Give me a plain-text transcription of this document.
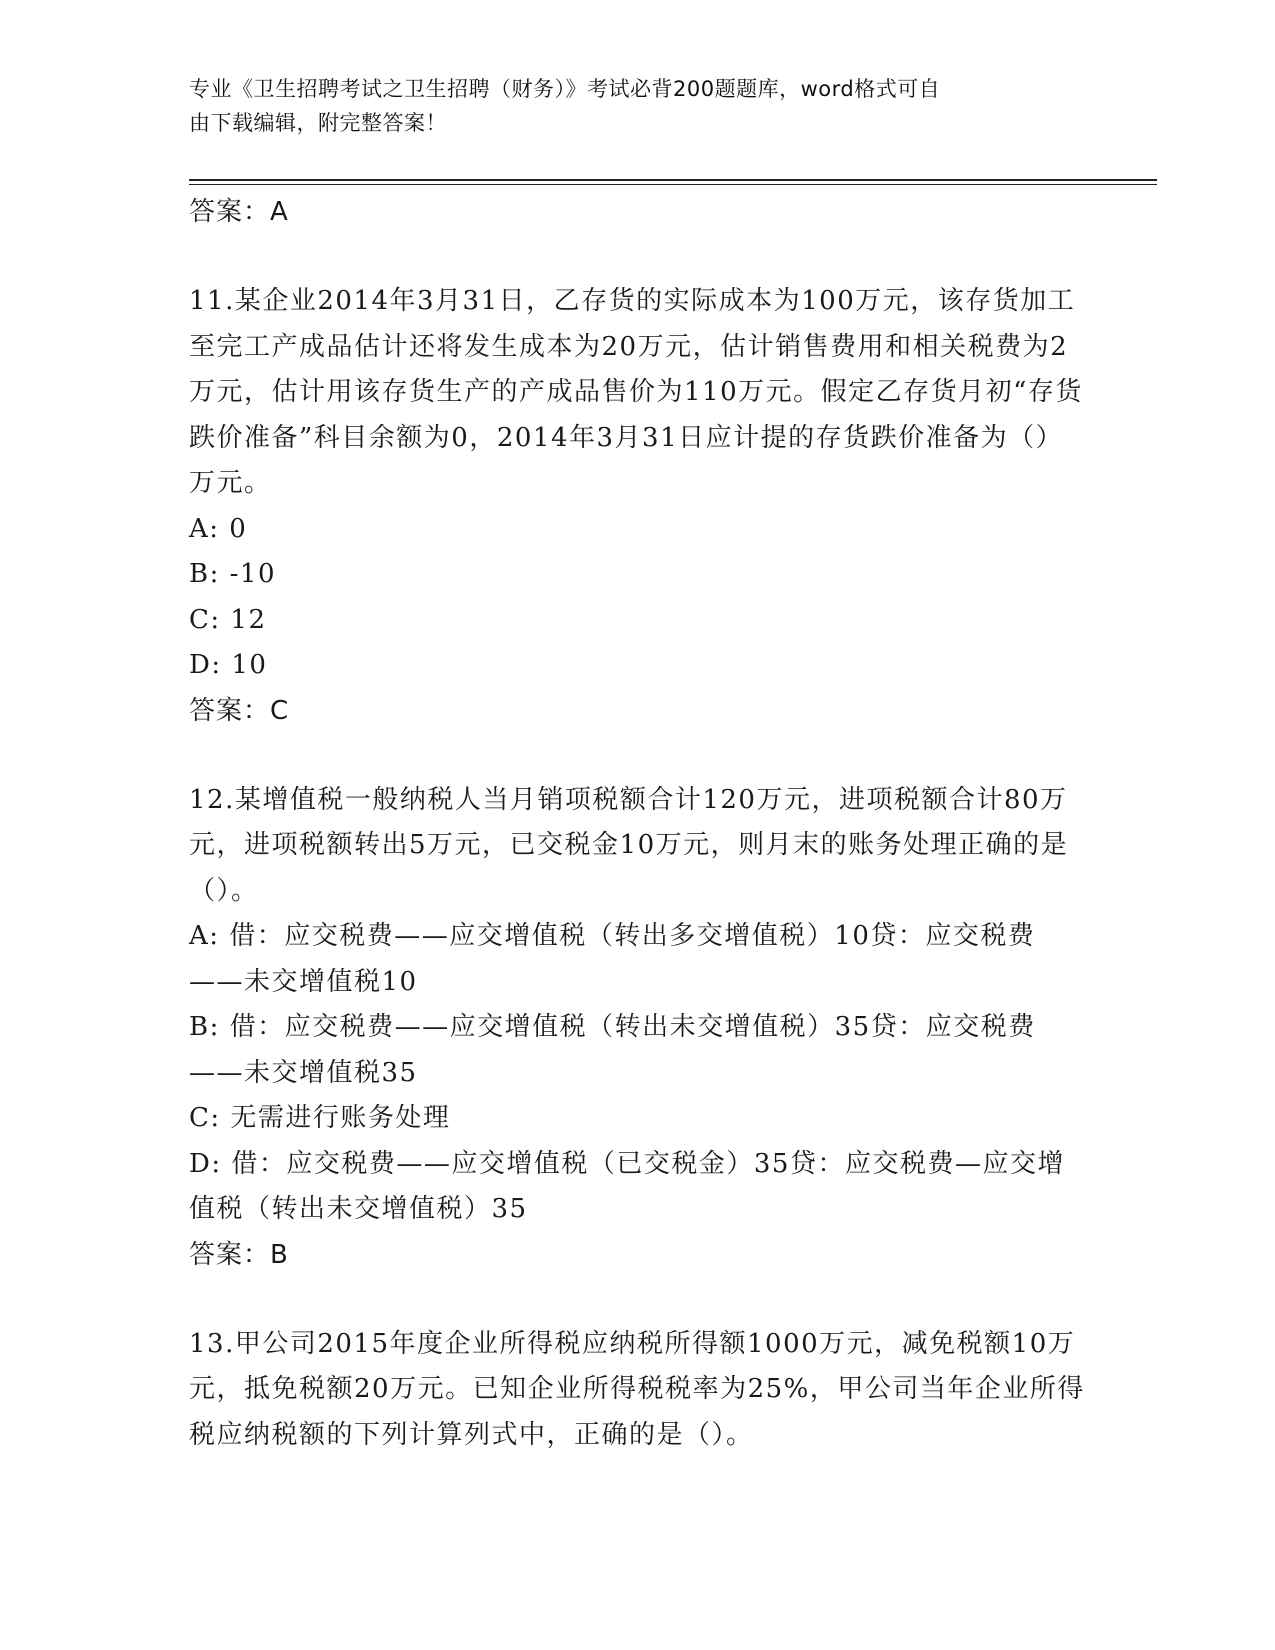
专业《卫生招聘考试之卫生招聘（财务）》考试必背200题题库，word格式可自
由下载编辑，附完整答案！
答案：A
11.某企业2014年3月31日，乙存货的实际成本为100万元，该存货加工至完工产成品估计还将发生成本为20万元，估计销售费用和相关税费为2万元，估计用该存货生产的产成品售价为110万元。假定乙存货月初“存货跌价准备”科目余额为0，2014年3月31日应计提的存货跌价准备为（）万元。
A: 0
B: -10
C: 12
D: 10
答案：C
12.某增值税一般纳税人当月销项税额合计120万元，进项税额合计80万元，进项税额转出5万元，已交税金10万元，则月末的账务处理正确的是（）。
A: 借：应交税费——应交增值税（转出多交增值税）10贷：应交税费——未交增值税10
B: 借：应交税费——应交增值税（转出未交增值税）35贷：应交税费——未交增值税35
C: 无需进行账务处理
D: 借：应交税费——应交增值税（已交税金）35贷：应交税费—应交增值税（转出未交增值税）35
答案：B
13.甲公司2015年度企业所得税应纳税所得额1000万元，减免税额10万元，抵免税额20万元。已知企业所得税税率为25%，甲公司当年企业所得税应纳税额的下列计算列式中，正确的是（）。
